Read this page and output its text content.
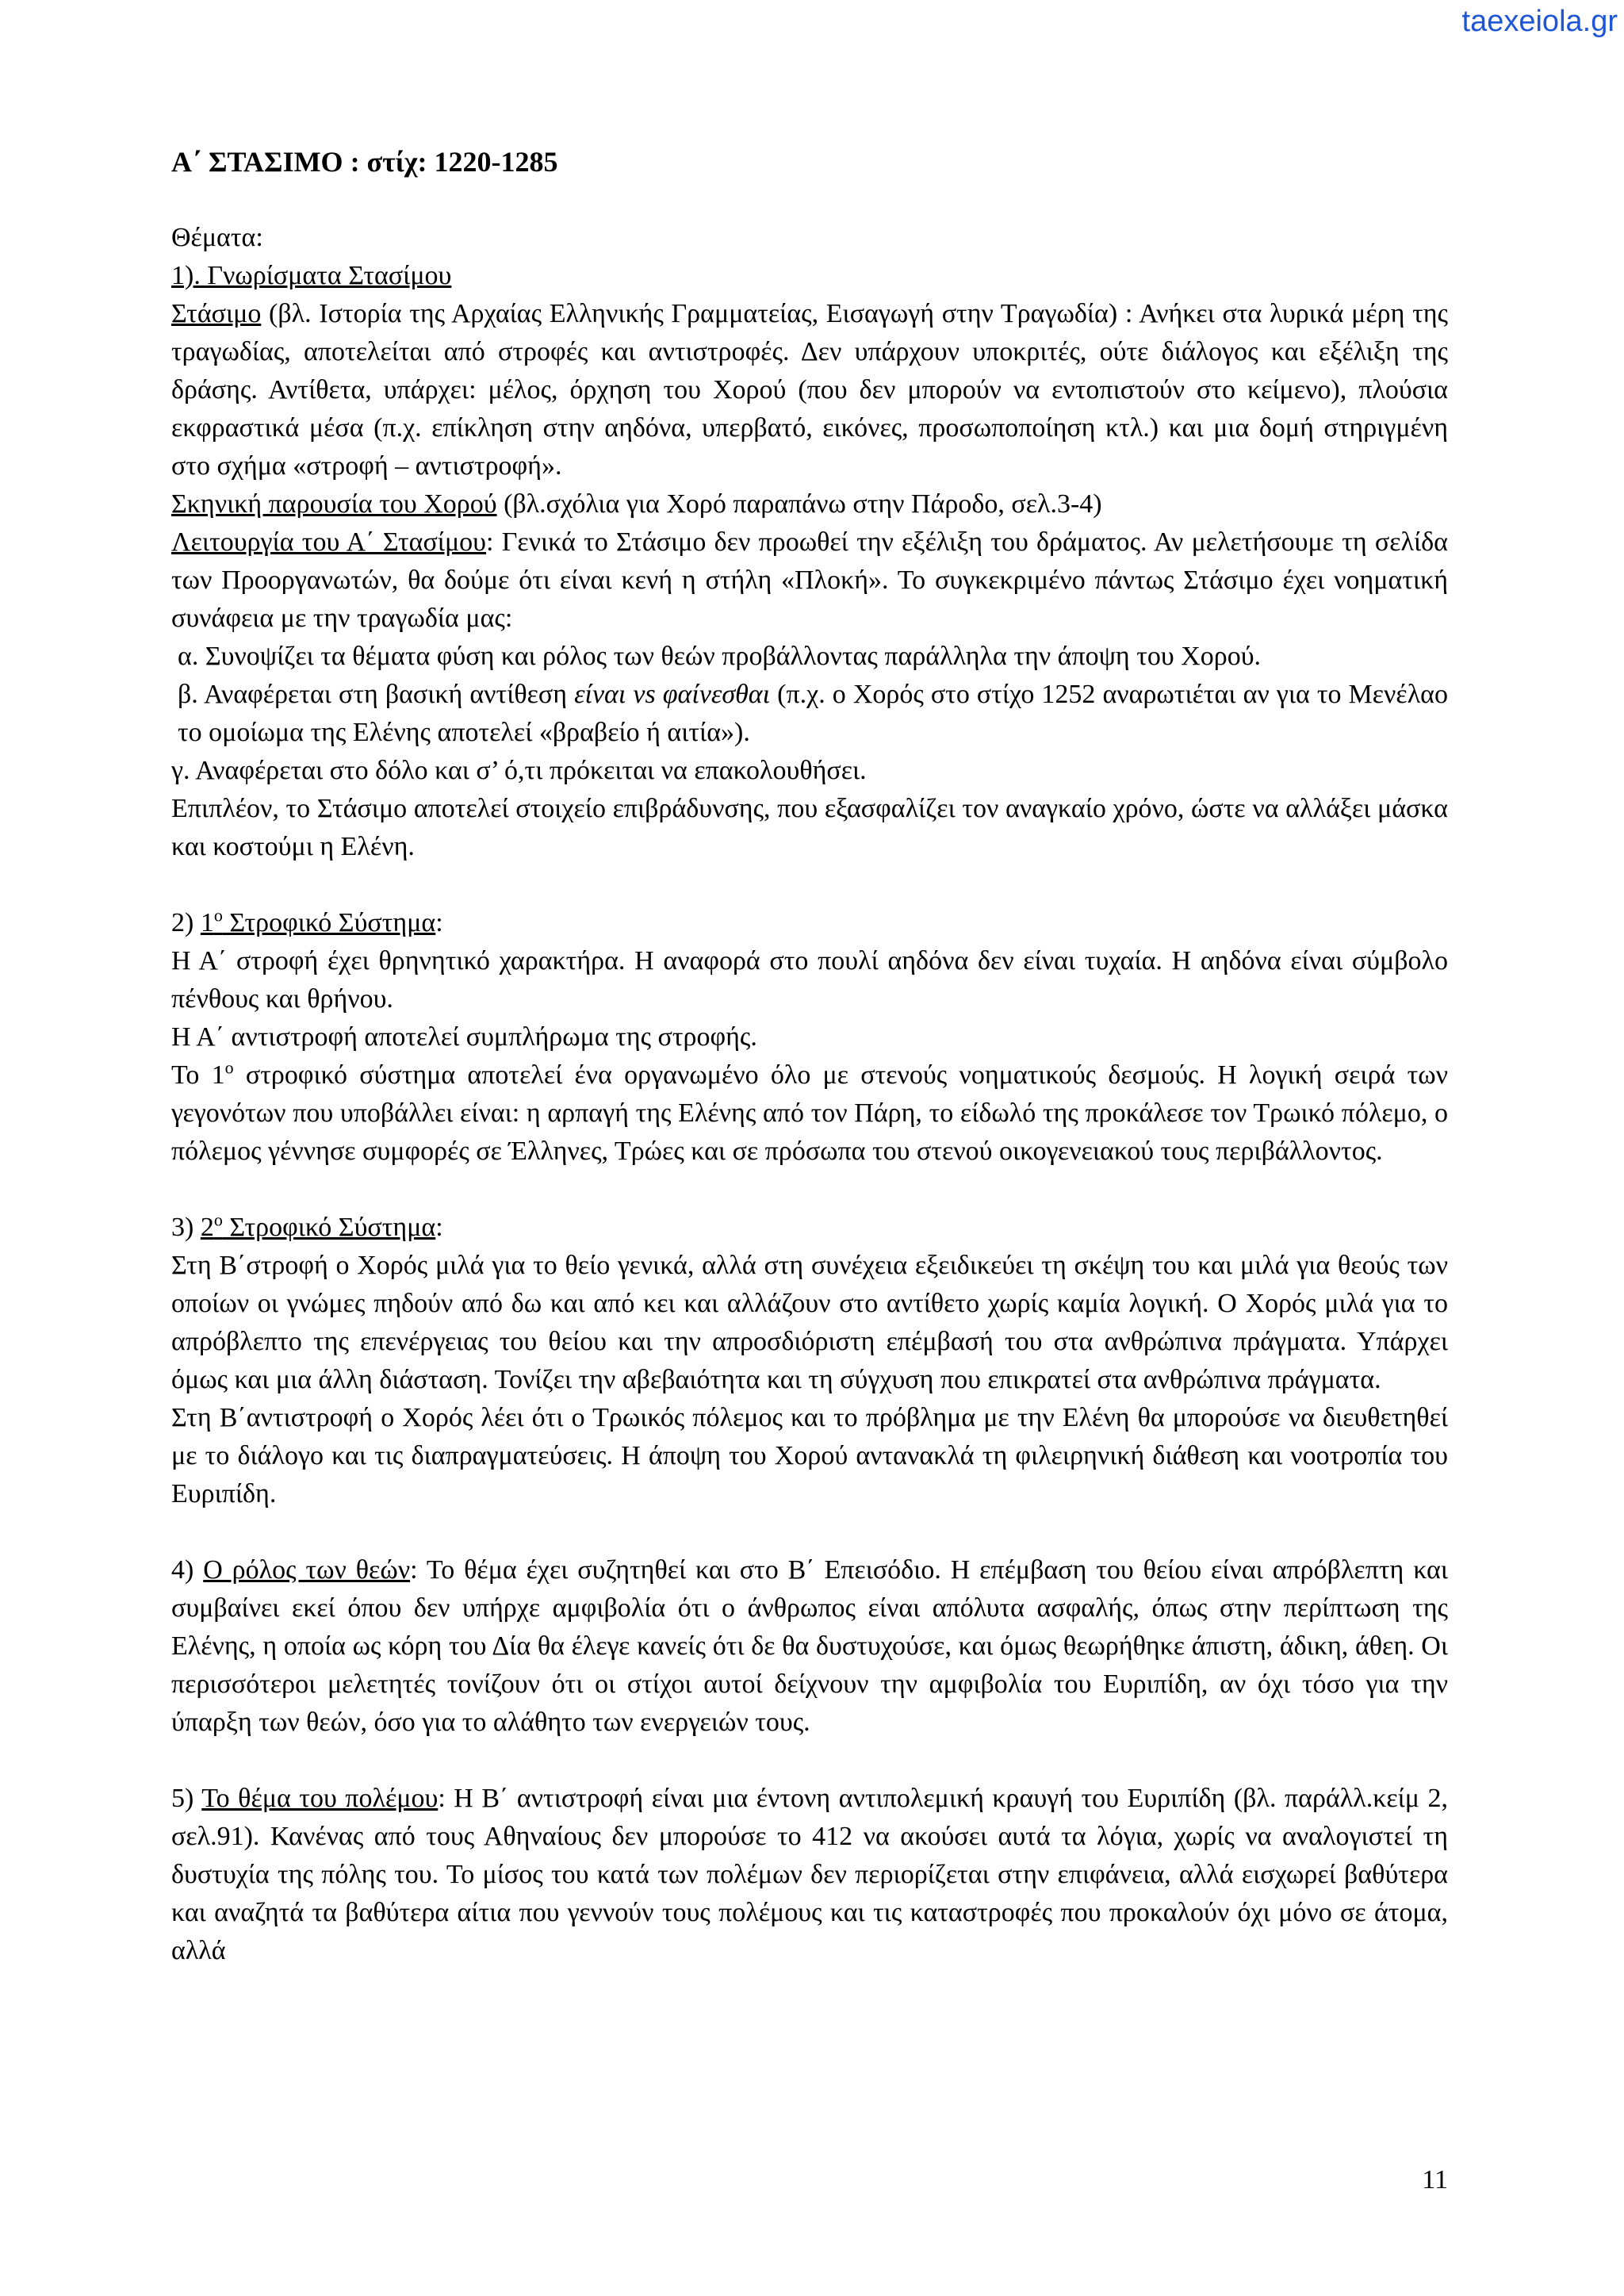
taexeiola.gr

Α΄ ΣΤΑΣΙΜΟ : στίχ: 1220-1285

Θέματα:

1). Γνωρίσματα Στασίμου

Στάσιμο (βλ. Ιστορία της Αρχαίας Ελληνικής Γραμματείας, Εισαγωγή στην Τραγωδία) : Ανήκει στα λυρικά μέρη της τραγωδίας, αποτελείται από στροφές και αντιστροφές. Δεν υπάρχουν υποκριτές, ούτε διάλογος και εξέλιξη της δράσης. Αντίθετα, υπάρχει: μέλος, όρχηση του Χορού (που δεν μπορούν να εντοπιστούν στο κείμενο), πλούσια εκφραστικά μέσα (π.χ. επίκληση στην αηδόνα, υπερβατό, εικόνες, προσωποποίηση κτλ.) και μια δομή στηριγμένη στο σχήμα «στροφή – αντιστροφή».

Σκηνική παρουσία του Χορού (βλ.σχόλια για Χορό παραπάνω στην Πάροδο, σελ.3-4)

Λειτουργία του Α΄ Στασίμου: Γενικά το Στάσιμο δεν προωθεί την εξέλιξη του δράματος. Αν μελετήσουμε τη σελίδα των Προοργανωτών, θα δούμε ότι είναι κενή η στήλη «Πλοκή». Το συγκεκριμένο πάντως Στάσιμο έχει νοηματική συνάφεια με την τραγωδία μας:

α. Συνοψίζει τα θέματα φύση και ρόλος των θεών προβάλλοντας παράλληλα την άποψη του Χορού.

β. Αναφέρεται στη βασική αντίθεση είναι vs φαίνεσθαι (π.χ. ο Χορός στο στίχο 1252 αναρωτιέται αν για το Μενέλαο το ομοίωμα της Ελένης αποτελεί «βραβείο ή αιτία»).

γ. Αναφέρεται στο δόλο και σ’ ό,τι πρόκειται να επακολουθήσει.

Επιπλέον, το Στάσιμο αποτελεί στοιχείο επιβράδυνσης, που εξασφαλίζει τον αναγκαίο χρόνο, ώστε να αλλάξει μάσκα και κοστούμι η Ελένη.

2) $1^o$ Στροφικό Σύστημα:

Η Α΄ στροφή έχει θρηνητικό χαρακτήρα. Η αναφορά στο πουλί αηδόνα δεν είναι τυχαία. Η αηδόνα είναι σύμβολο πένθους και θρήνου.

Η Α΄ αντιστροφή αποτελεί συμπλήρωμα της στροφής.

Το $1^o$ στροφικό σύστημα αποτελεί ένα οργανωμένο όλο με στενούς νοηματικούς δεσμούς. Η λογική σειρά των γεγονότων που υποβάλλει είναι: η αρπαγή της Ελένης από τον Πάρη, το είδωλό της προκάλεσε τον Τρωικό πόλεμο, ο πόλεμος γέννησε συμφορές σε Έλληνες, Τρώες και σε πρόσωπα του στενού οικογενειακού τους περιβάλλοντος.

3) $2^o$ Στροφικό Σύστημα:

Στη Β΄στροφή ο Χορός μιλά για το θείο γενικά, αλλά στη συνέχεια εξειδικεύει τη σκέψη του και μιλά για θεούς των οποίων οι γνώμες πηδούν από δω και από κει και αλλάζουν στο αντίθετο χωρίς καμία λογική. Ο Χορός μιλά για το απρόβλεπτο της επενέργειας του θείου και την απροσδιόριστη επέμβασή του στα ανθρώπινα πράγματα. Υπάρχει όμως και μια άλλη διάσταση. Τονίζει την αβεβαιότητα και τη σύγχυση που επικρατεί στα ανθρώπινα πράγματα.

Στη Β΄αντιστροφή ο Χορός λέει ότι ο Τρωικός πόλεμος και το πρόβλημα με την Ελένη θα μπορούσε να διευθετηθεί με το διάλογο και τις διαπραγματεύσεις. Η άποψη του Χορού αντανακλά τη φιλειρηνική διάθεση και νοοτροπία του Ευριπίδη.

4) Ο ρόλος των θεών: Το θέμα έχει συζητηθεί και στο Β΄ Επεισόδιο. Η επέμβαση του θείου είναι απρόβλεπτη και συμβαίνει εκεί όπου δεν υπήρχε αμφιβολία ότι ο άνθρωπος είναι απόλυτα ασφαλής, όπως στην περίπτωση της Ελένης, η οποία ως κόρη του Δία θα έλεγε κανείς ότι δε θα δυστυχούσε, και όμως θεωρήθηκε άπιστη, άδικη, άθεη. Οι περισσότεροι μελετητές τονίζουν ότι οι στίχοι αυτοί δείχνουν την αμφιβολία του Ευριπίδη, αν όχι τόσο για την ύπαρξη των θεών, όσο για το αλάθητο των ενεργειών τους.

5) Το θέμα του πολέμου: Η Β΄ αντιστροφή είναι μια έντονη αντιπολεμική κραυγή του Ευριπίδη (βλ. παράλλ.κείμ 2, σελ.91). Κανένας από τους Αθηναίους δεν μπορούσε το 412 να ακούσει αυτά τα λόγια, χωρίς να αναλογιστεί τη δυστυχία της πόλης του. Το μίσος του κατά των πολέμων δεν περιορίζεται στην επιφάνεια, αλλά εισχωρεί βαθύτερα και αναζητά τα βαθύτερα αίτια που γεννούν τους πολέμους και τις καταστροφές που προκαλούν όχι μόνο σε άτομα, αλλά

11
